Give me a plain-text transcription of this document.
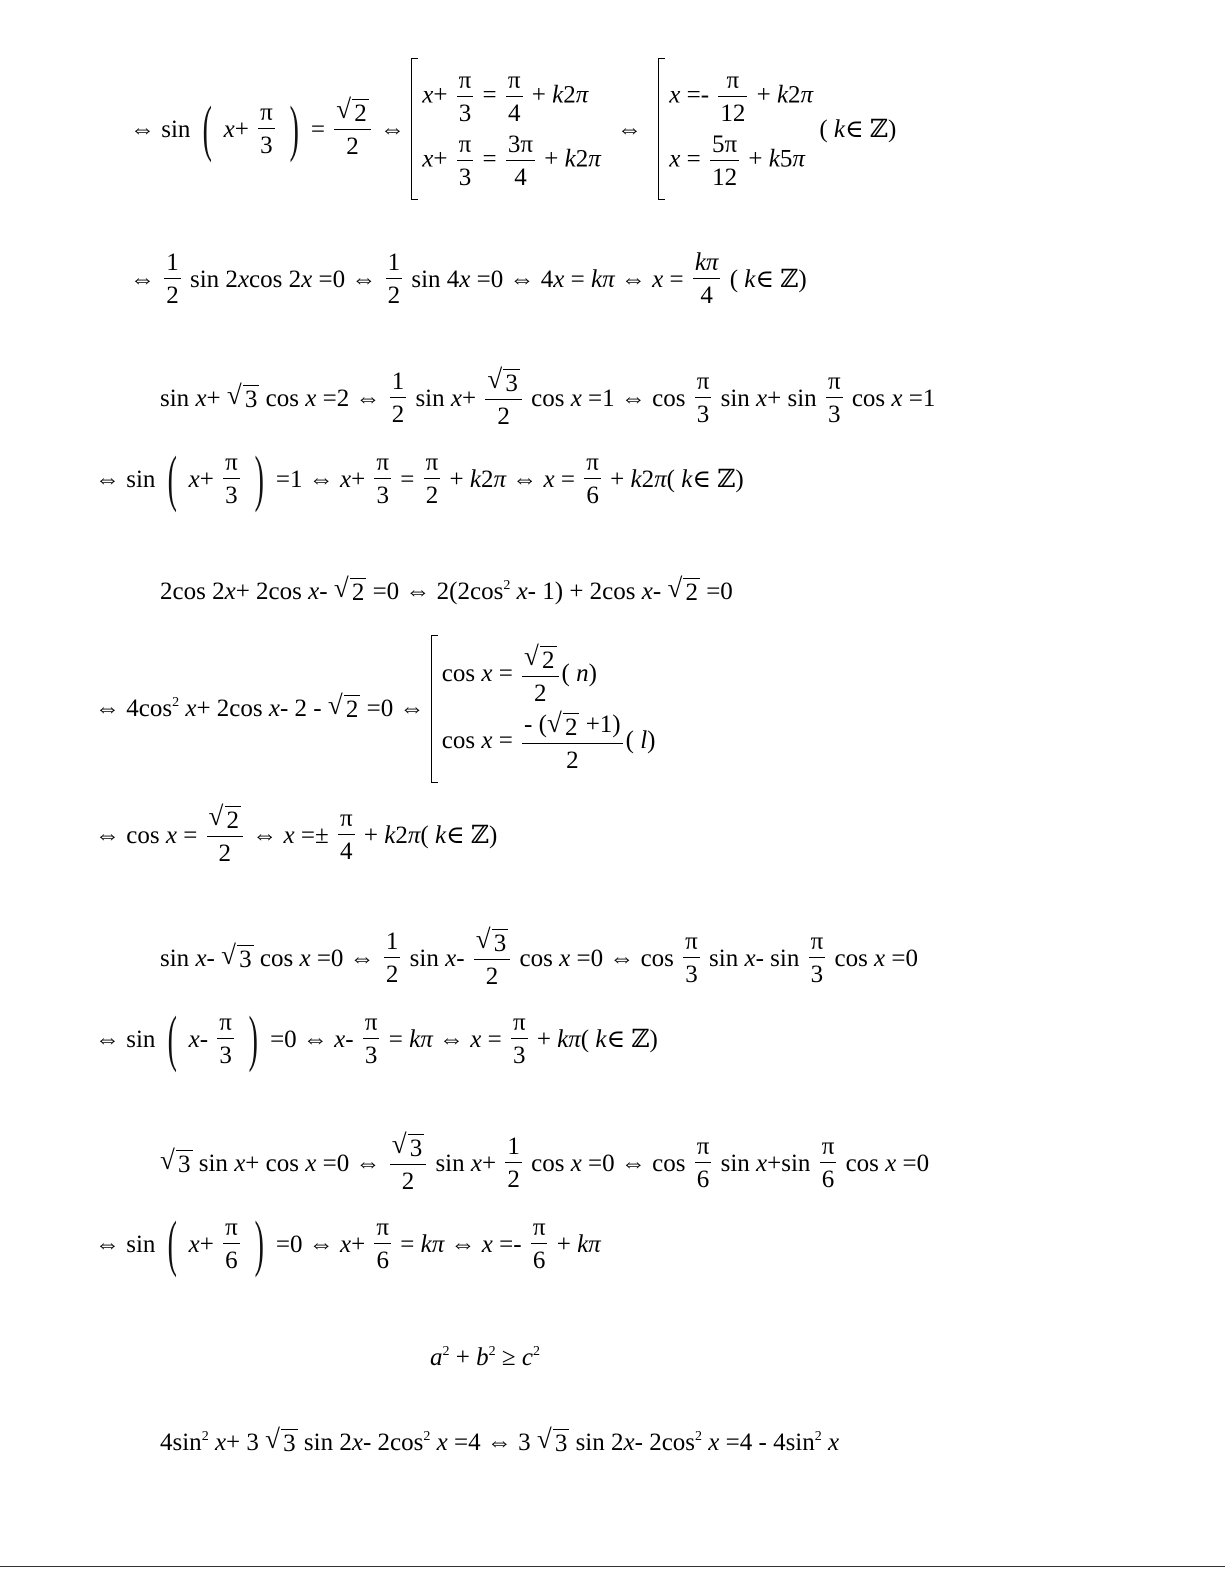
⇔ sin ( $x+ \frac{\pi}{3}$ ) = √ $\frac{2}{2}$ ⇔
$x+ \frac{\pi}{3} = \frac{\pi}{4} + k2\pi$
$x+ \frac{\pi}{3} = \frac{3\pi}{4} + k2\pi$
⇔
$x =- \frac{\pi}{12} + k2\pi$
$x = \frac{5\pi}{12} + k5\pi$
( k∈ ℤ)
⇔ $\frac{1}{2}$ sin 2xcos 2x =0 ⇔ $\frac{1}{2}$ sin 4x =0 ⇔ 4x = kπ ⇔ $x = \frac{k\pi}{4}$ ( k∈ ℤ)
sin x+ √ 3 cos x =2 ⇔ $\frac{1}{2}$ sin x+ √ $\frac{3}{2}$ cos x =1 ⇔ $\cos \frac{\pi}{3}$ $\sin x+ \sin \frac{\pi}{3}$ cos x =1
⇔ sin ( $x+ \frac{\pi}{3}$ ) =1 ⇔ $x+ \frac{\pi}{3} = \frac{\pi}{2} + k2\pi$ ⇔ $x = \frac{\pi}{6} + k2\pi$( k∈ ℤ)
2cos 2x+ 2cos x- √ 2 =0 ⇔ $2(2\cos^2$ x- 1) + 2cos x- √ 2 =0
⇔ $4\cos^2$ x+ 2cos x- 2 - √ 2 =0 ⇔
cos x = √ $\frac{2}{2}$ ( n)
$\cos x = \frac{- ( √ 2 +1)}{2}$ ( l)
⇔ cos x = √ $\frac{2}{2}$ ⇔ $x =\pm \frac{\pi}{4} + k2\pi$( k∈ ℤ)
sin x- √ 3 cos x =0 ⇔ $\frac{1}{2}$ sin x- √ $\frac{3}{2}$ cos x =0 ⇔ $\cos \frac{\pi}{3}$ sin x- $\sin \frac{\pi}{3}$ cos x =0
⇔ sin ( $x- \frac{\pi}{3}$ ) =0 ⇔ $x- \frac{\pi}{3} = k\pi$ ⇔ $x = \frac{\pi}{3} + k\pi$( k∈ ℤ)
√ 3 sin x+ cos x =0 ⇔ √ $\frac{3}{2}$ $\sin x+ \frac{1}{2}$ cos x =0 ⇔ $\cos \frac{\pi}{6}$ $\sin x+\sin \frac{\pi}{6}$ cos x =0
⇔ sin ( $x+ \frac{\pi}{6}$ ) =0 ⇔ $x+ \frac{\pi}{6} = k\pi$ ⇔ $x =- \frac{\pi}{6} + k\pi$
$a^2 + b^2 \ge c^2$
$4\sin^2$ x+ 3 √ 3 sin 2x- $2\cos^2$ x =4 ⇔ 3 √ 3 sin 2x- $2\cos^2$ $x =4 - 4\sin^2$ x
